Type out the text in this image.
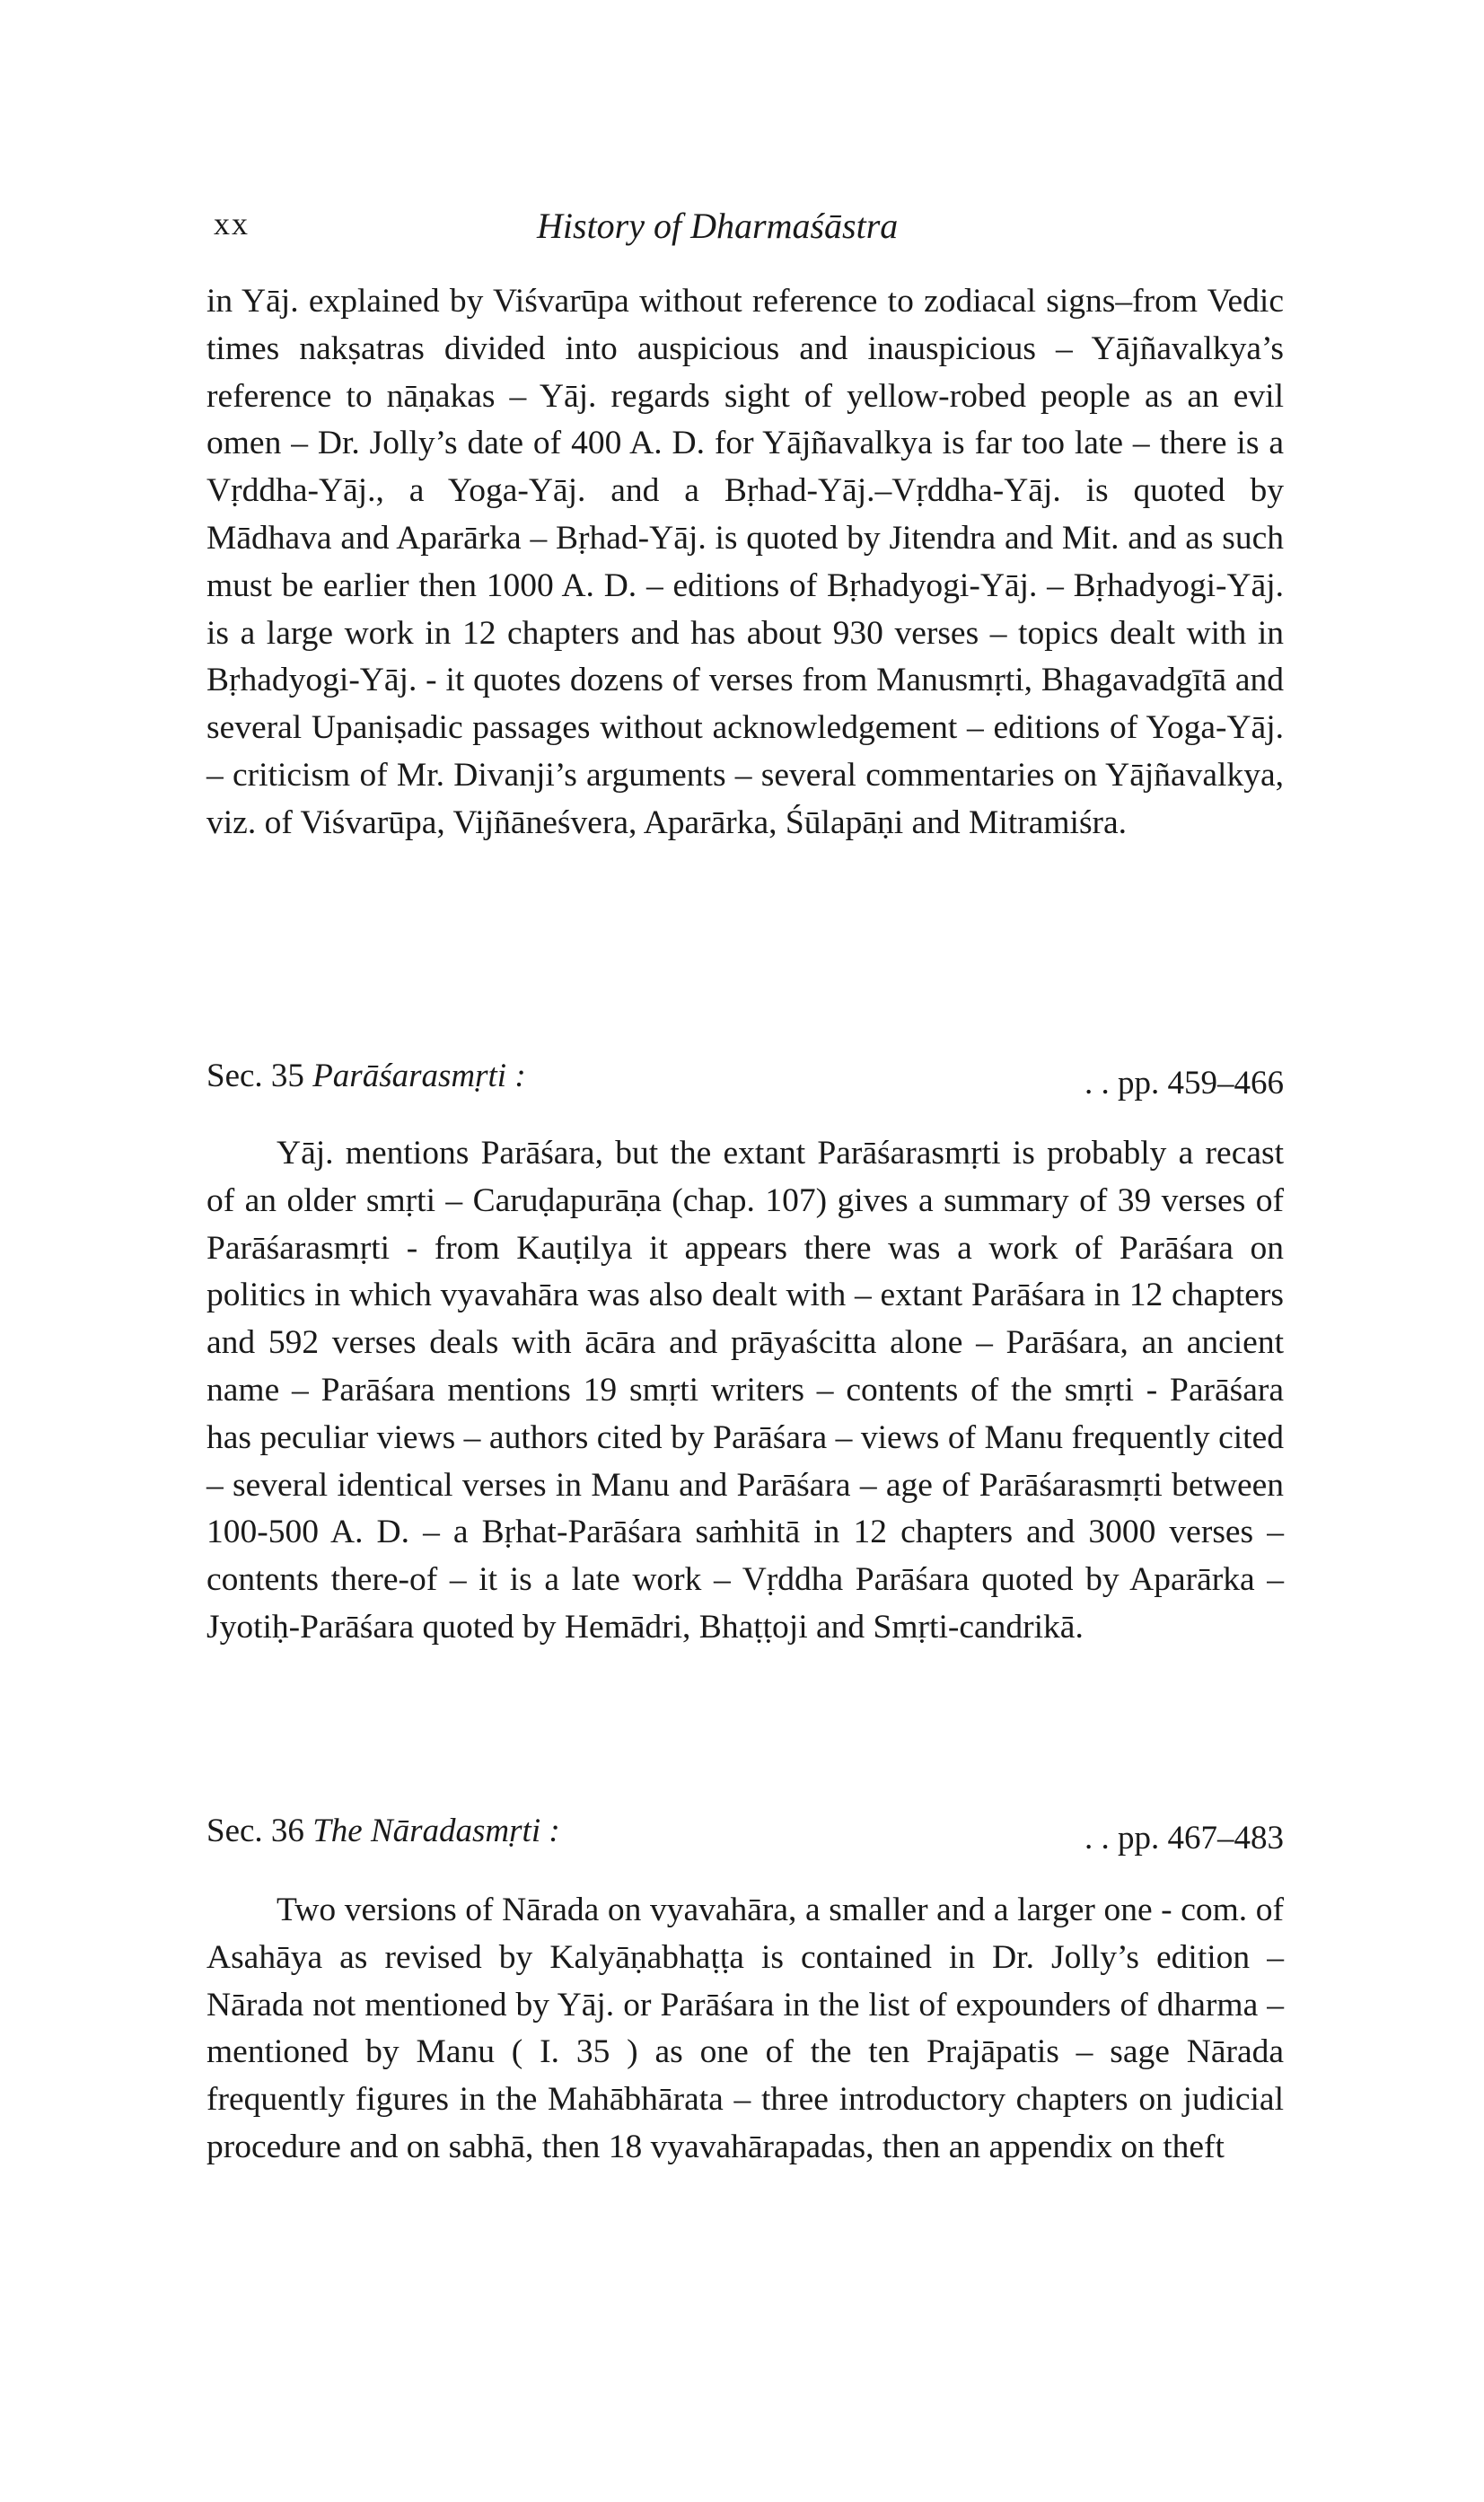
xx	History of Dharmaśāstra

in Yāj. explained by Viśvarūpa without reference to zodiacal signs–from Vedic times nakṣatras divided into auspicious and inauspicious – Yājñavalkya’s reference to nāṇakas – Yāj. regards sight of yellow-robed people as an evil omen – Dr. Jolly’s date of 400 A. D. for Yājñavalkya is far too late – there is a Vṛddha-Yāj., a Yoga-Yāj. and a Bṛhad-Yāj.–Vṛddha-Yāj. is quoted by Mādhava and Aparārka – Bṛhad-Yāj. is quoted by Jitendra and Mit. and as such must be earlier then 1000 A. D. – editions of Bṛhadyogi-Yāj. – Bṛhadyogi-Yāj. is a large work in 12 chapters and has about 930 verses – topics dealt with in Bṛhadyogi-Yāj. - it quotes dozens of verses from Manusmṛti, Bhagavadgītā and several Upaniṣadic passages without acknowledgement – editions of Yoga-Yāj. – criticism of Mr. Divanji’s arguments – several commentaries on Yājñavalkya, viz. of Viśvarūpa, Vijñāneśvera, Aparārka, Śūlapāṇi and Mitramiśra.

Sec. 35 Parāśarasmṛti :	. . pp. 459–466

Yāj. mentions Parāśara, but the extant Parāśarasmṛti is probably a recast of an older smṛti – Caruḍapurāṇa (chap. 107) gives a summary of 39 verses of Parāśarasmṛti - from Kauṭilya it appears there was a work of Parāśara on politics in which vyavahāra was also dealt with – extant Parāśara in 12 chapters and 592 verses deals with ācāra and prāyaścitta alone – Parāśara, an ancient name – Parāśara mentions 19 smṛti writers – contents of the smṛti - Parāśara has peculiar views – authors cited by Parāśara – views of Manu frequently cited – several identical verses in Manu and Parāśara – age of Parāśarasmṛti between 100-500 A. D. – a Bṛhat-Parāśara saṁhitā in 12 chapters and 3000 verses – contents there-of – it is a late work – Vṛddha Parāśara quoted by Aparārka – Jyotiḥ-Parāśara quoted by Hemādri, Bhaṭṭoji and Smṛti-candrikā.

Sec. 36 The Nāradasmṛti :	. . pp. 467–483

Two versions of Nārada on vyavahāra, a smaller and a larger one - com. of Asahāya as revised by Kalyāṇabhaṭṭa is contained in Dr. Jolly’s edition – Nārada not mentioned by Yāj. or Parāśara in the list of expounders of dharma – mentioned by Manu ( I. 35 ) as one of the ten Prajāpatis – sage Nārada frequently figures in the Mahābhārata – three introductory chapters on judicial procedure and on sabhā, then 18 vyavahārapadas, then an appendix on theft
